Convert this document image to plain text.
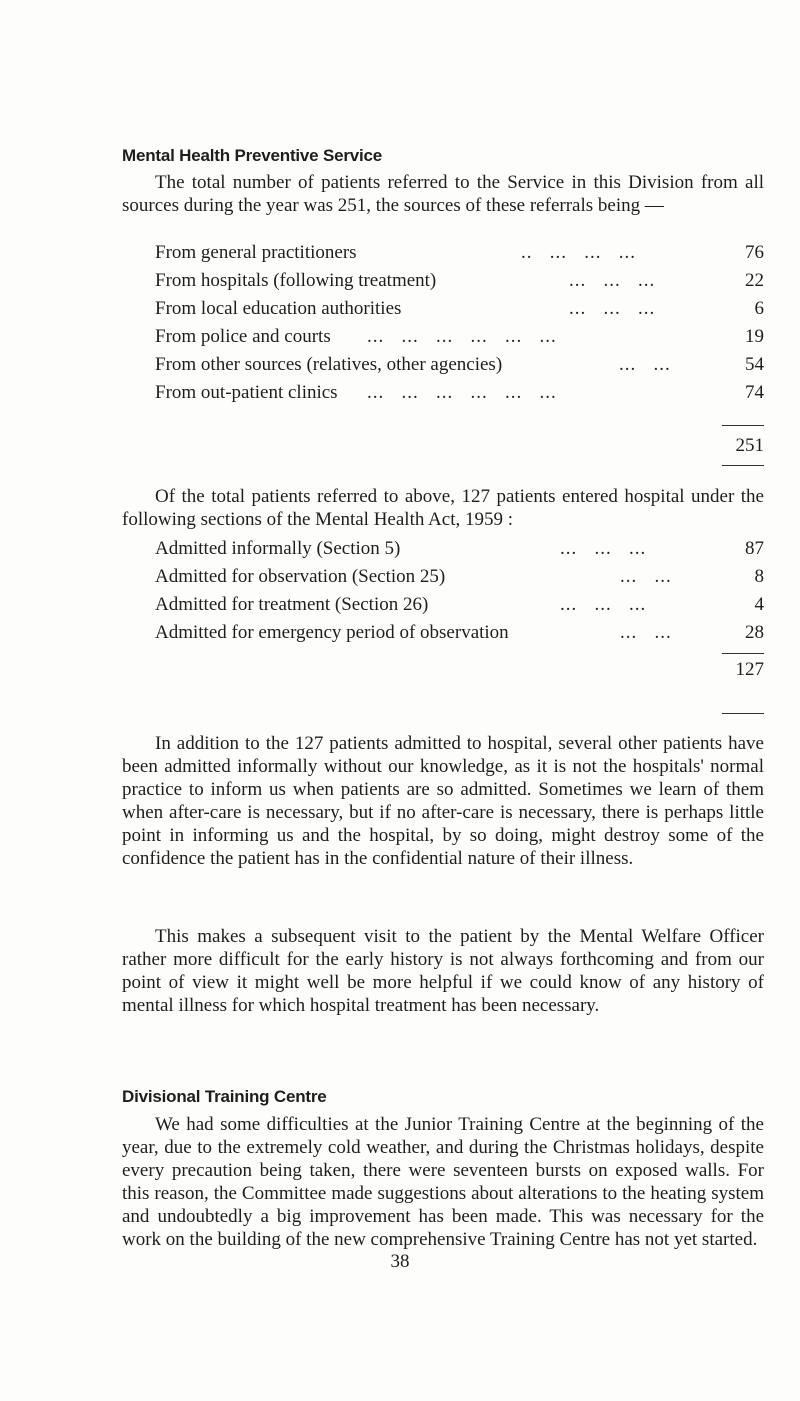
Mental Health Preventive Service

The total number of patients referred to the Service in this Division from all sources during the year was 251, the sources of these referrals being —

From general practitioners	..   ...   ...   ...	76
From hospitals (following treatment)	...   ...   ...	22
From local education authorities	...   ...   ...	6
From police and courts ...   ...   ...   ...   ...   ...	19
From other sources (relatives, other agencies)	...   ...	54
From out-patient clinics ...   ...   ...   ...   ...   ...	74
251

Of the total patients referred to above, 127 patients entered hospital under the following sections of the Mental Health Act, 1959 :

Admitted informally (Section 5)	...   ...   ...	87
Admitted for observation (Section 25)	...   ...	8
Admitted for treatment (Section 26)	...   ...   ...	4
Admitted for emergency period of observation	...   ...	28
127

In addition to the 127 patients admitted to hospital, several other patients have been admitted informally without our knowledge, as it is not the hospitals' normal practice to inform us when patients are so admitted. Sometimes we learn of them when after-care is necessary, but if no after-care is necessary, there is perhaps little point in informing us and the hospital, by so doing, might destroy some of the confidence the patient has in the confidential nature of their illness.

This makes a subsequent visit to the patient by the Mental Welfare Officer rather more difficult for the early history is not always forthcoming and from our point of view it might well be more helpful if we could know of any history of mental illness for which hospital treatment has been necessary.

Divisional Training Centre

We had some difficulties at the Junior Training Centre at the beginning of the year, due to the extremely cold weather, and during the Christmas holidays, despite every precaution being taken, there were seventeen bursts on exposed walls. For this reason, the Committee made suggestions about alterations to the heating system and undoubtedly a big improvement has been made. This was necessary for the work on the building of the new comprehensive Training Centre has not yet started.

38
